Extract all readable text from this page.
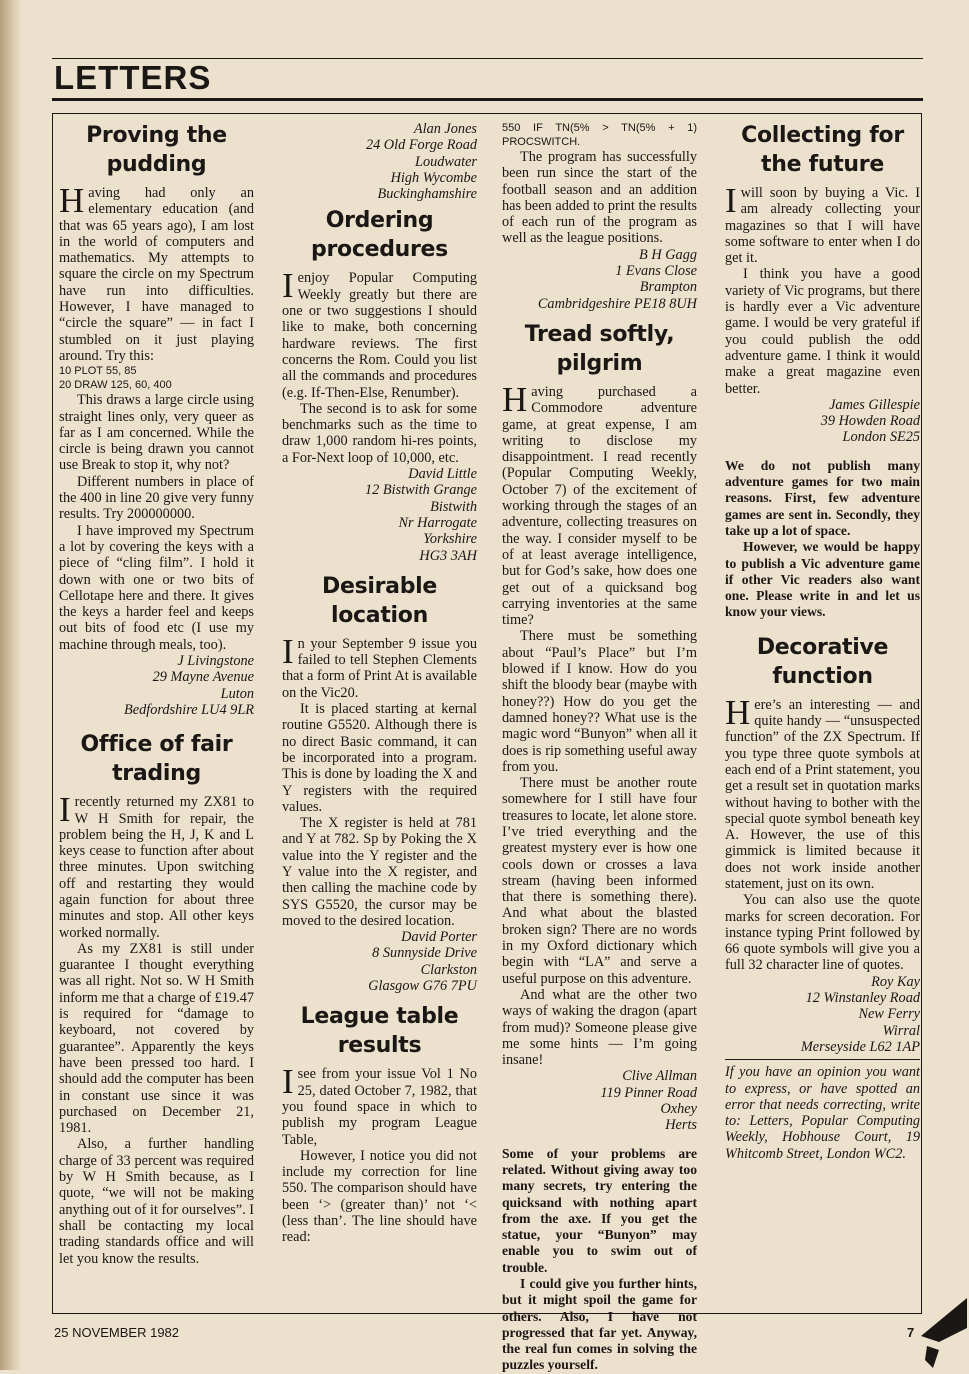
LETTERS
Proving the pudding

Having had only an elementary education (and that was 65 years ago), I am lost in the world of computers and mathematics. My attempts to square the circle on my Spectrum have run into difficulties. However, I have managed to “circle the square” — in fact I stumbled on it just playing around. Try this:

10 PLOT 55, 85

20 DRAW 125, 60, 400

This draws a large circle using straight lines only, very queer as far as I am concerned. While the circle is being drawn you cannot use Break to stop it, why not?

Different numbers in place of the 400 in line 20 give very funny results. Try 200000000.

I have improved my Spectrum a lot by covering the keys with a piece of “cling film”. I hold it down with one or two bits of Cellotape here and there. It gives the keys a harder feel and keeps out bits of food etc (I use my machine through meals, too).

J Livingstone
29 Mayne Avenue
Luton
Bedfordshire LU4 9LR
Office of fair trading

I recently returned my ZX81 to W H Smith for repair, the problem being the H, J, K and L keys cease to function after about three minutes. Upon switching off and restarting they would again function for about three minutes and stop. All other keys worked normally.

As my ZX81 is still under guarantee I thought everything was all right. Not so. W H Smith inform me that a charge of £19.47 is required for “damage to keyboard, not covered by guarantee”. Apparently the keys have been pressed too hard. I should add the computer has been in constant use since it was purchased on December 21, 1981.

Also, a further handling charge of 33 percent was required by W H Smith because, as I quote, “we will not be making anything out of it for ourselves”. I shall be contacting my local trading standards office and will let you know the results.

Alan Jones
24 Old Forge Road
Loudwater
High Wycombe
Buckinghamshire
Ordering procedures

I enjoy Popular Computing Weekly greatly but there are one or two suggestions I should like to make, both concerning hardware reviews. The first concerns the Rom. Could you list all the commands and procedures (e.g. If-Then-Else, Renumber).

The second is to ask for some benchmarks such as the time to draw 1,000 random hi-res points, a For-Next loop of 10,000, etc.

David Little
12 Bistwith Grange
Bistwith
Nr Harrogate
Yorkshire
HG3 3AH
Desirable location

In your September 9 issue you failed to tell Stephen Clements that a form of Print At is available on the Vic20.

It is placed starting at kernal routine G5520. Although there is no direct Basic command, it can be incorporated into a program. This is done by loading the X and Y registers with the required values.

The X register is held at 781 and Y at 782. Sp by Poking the X value into the Y register and the Y value into the X register, and then calling the machine code by SYS G5520, the cursor may be moved to the desired location.

David Porter
8 Sunnyside Drive
Clarkston
Glasgow G76 7PU
League table results

I see from your issue Vol 1 No 25, dated October 7, 1982, that you found space in which to publish my program League Table,

However, I notice you did not include my correction for line 550. The comparison should have been ‘> (greater than)’ not ‘< (less than’. The line should have read:

550 IF TN(5% > TN(5% + 1) PROCSWITCH.

The program has successfully been run since the start of the football season and an addition has been added to print the results of each run of the program as well as the league positions.

B H Gagg
1 Evans Close
Brampton
Cambridgeshire PE18 8UH
Tread softly, pilgrim

Having purchased a Commodore adventure game, at great expense, I am writing to disclose my disappointment. I read recently (Popular Computing Weekly, October 7) of the excitement of working through the stages of an adventure, collecting treasures on the way. I consider myself to be of at least average intelligence, but for God’s sake, how does one get out of a quicksand bog carrying inventories at the same time?

There must be something about “Paul’s Place” but I’m blowed if I know. How do you shift the bloody bear (maybe with honey??) How do you get the damned honey?? What use is the magic word “Bunyon” when all it does is rip something useful away from you.

There must be another route somewhere for I still have four treasures to locate, let alone store. I’ve tried everything and the greatest mystery ever is how one cools down or crosses a lava stream (having been informed that there is something there). And what about the blasted broken sign? There are no words in my Oxford dictionary which begin with “LA” and serve a useful purpose on this adventure.

And what are the other two ways of waking the dragon (apart from mud)? Someone please give me some hints — I’m going insane!

Clive Allman
119 Pinner Road
Oxhey
Herts

Some of your problems are related. Without giving away too many secrets, try entering the quicksand with nothing apart from the axe. If you get the statue, your “Bunyon” may enable you to swim out of trouble.

I could give you further hints, but it might spoil the game for others. Also, I have not progressed that far yet. Anyway, the real fun comes in solving the puzzles yourself.

Collecting for the future

I will soon by buying a Vic. I am already collecting your magazines so that I will have some software to enter when I do get it.

I think you have a good variety of Vic programs, but there is hardly ever a Vic adventure game. I would be very grateful if you could publish the odd adventure game. I think it would make a great magazine even better.

James Gillespie
39 Howden Road
London SE25

We do not publish many adventure games for two main reasons. First, few adventure games are sent in. Secondly, they take up a lot of space.

However, we would be happy to publish a Vic adventure game if other Vic readers also want one. Please write in and let us know your views.

Decorative function

Here’s an interesting — and quite handy — “unsuspected function” of the ZX Spectrum. If you type three quote symbols at each end of a Print statement, you get a result set in quotation marks without having to bother with the special quote symbol beneath key A. However, the use of this gimmick is limited because it does not work inside another statement, just on its own.

You can also use the quote marks for screen decoration. For instance typing Print followed by 66 quote symbols will give you a full 32 character line of quotes.

Roy Kay
12 Winstanley Road
New Ferry
Wirral
Merseyside L62 1AP

If you have an opinion you want to express, or have spotted an error that needs correcting, write to: Letters, Popular Computing Weekly, Hobhouse Court, 19 Whitcomb Street, London WC2.

25 NOVEMBER 1982	7
